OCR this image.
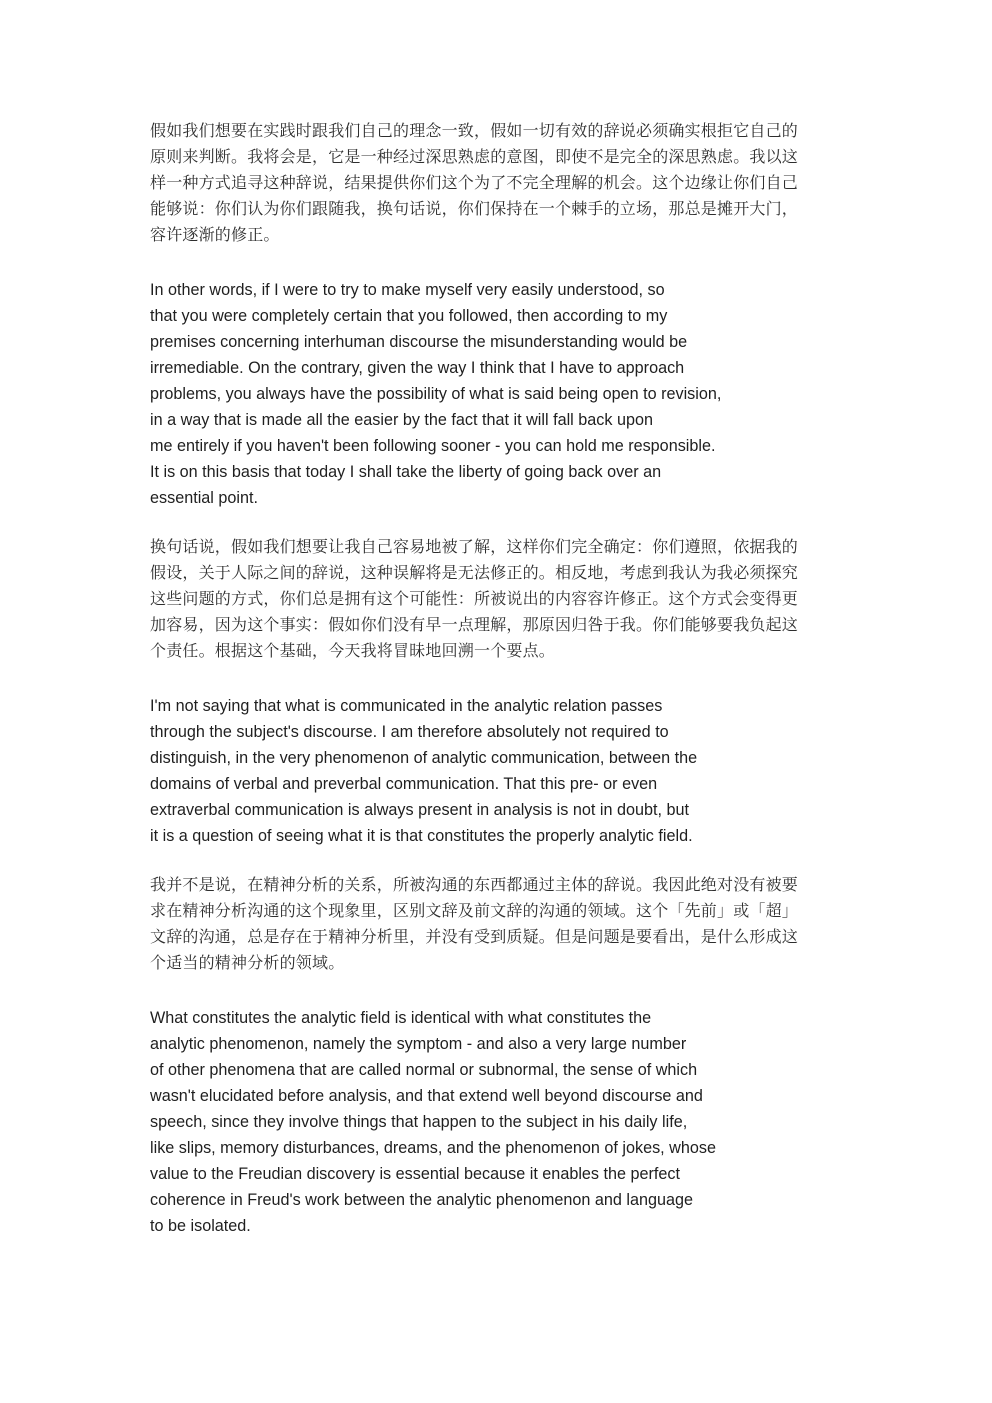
假如我们想要在实践时跟我们自己的理念一致，假如一切有效的辞说必须确实根拒它自己的
原则来判断。我将会是，它是一种经过深思熟虑的意图，即使不是完全的深思熟虑。我以这
样一种方式追寻这种辞说，结果提供你们这个为了不完全理解的机会。这个边缘让你们自己
能够说：你们认为你们跟随我，换句话说，你们保持在一个棘手的立场，那总是摊开大门，
容许逐渐的修正。

In other words, if I were to try to make myself very easily understood, so
that you were completely certain that you followed, then according to my
premises concerning interhuman discourse the misunderstanding would be
irremediable. On the contrary, given the way I think that I have to approach
problems, you always have the possibility of what is said being open to revision,
in a way that is made all the easier by the fact that it will fall back upon
me entirely if you haven't been following sooner - you can hold me responsible.
It is on this basis that today I shall take the liberty of going back over an
essential point.

换句话说，假如我们想要让我自己容易地被了解，这样你们完全确定：你们遵照，依据我的
假设，关于人际之间的辞说，这种误解将是无法修正的。相反地，考虑到我认为我必须探究
这些问题的方式，你们总是拥有这个可能性：所被说出的内容容许修正。这个方式会变得更
加容易，因为这个事实：假如你们没有早一点理解，那原因归咎于我。你们能够要我负起这
个责任。根据这个基础，今天我将冒昧地回溯一个要点。

I'm not saying that what is communicated in the analytic relation passes
through the subject's discourse. I am therefore absolutely not required to
distinguish, in the very phenomenon of analytic communication, between the
domains of verbal and preverbal communication. That this pre- or even
extraverbal communication is always present in analysis is not in doubt, but
it is a question of seeing what it is that constitutes the properly analytic field.

我并不是说，在精神分析的关系，所被沟通的东西都通过主体的辞说。我因此绝对没有被要
求在精神分析沟通的这个现象里，区别文辞及前文辞的沟通的领域。这个「先前」或「超」
文辞的沟通，总是存在于精神分析里，并没有受到质疑。但是问题是要看出，是什么形成这
个适当的精神分析的领域。

What constitutes the analytic field is identical with what constitutes the
analytic phenomenon, namely the symptom - and also a very large number
of other phenomena that are called normal or subnormal, the sense of which
wasn't elucidated before analysis, and that extend well beyond discourse and
speech, since they involve things that happen to the subject in his daily life,
like slips, memory disturbances, dreams, and the phenomenon of jokes, whose
value to the Freudian discovery is essential because it enables the perfect
coherence in Freud's work between the analytic phenomenon and language
to be isolated.
